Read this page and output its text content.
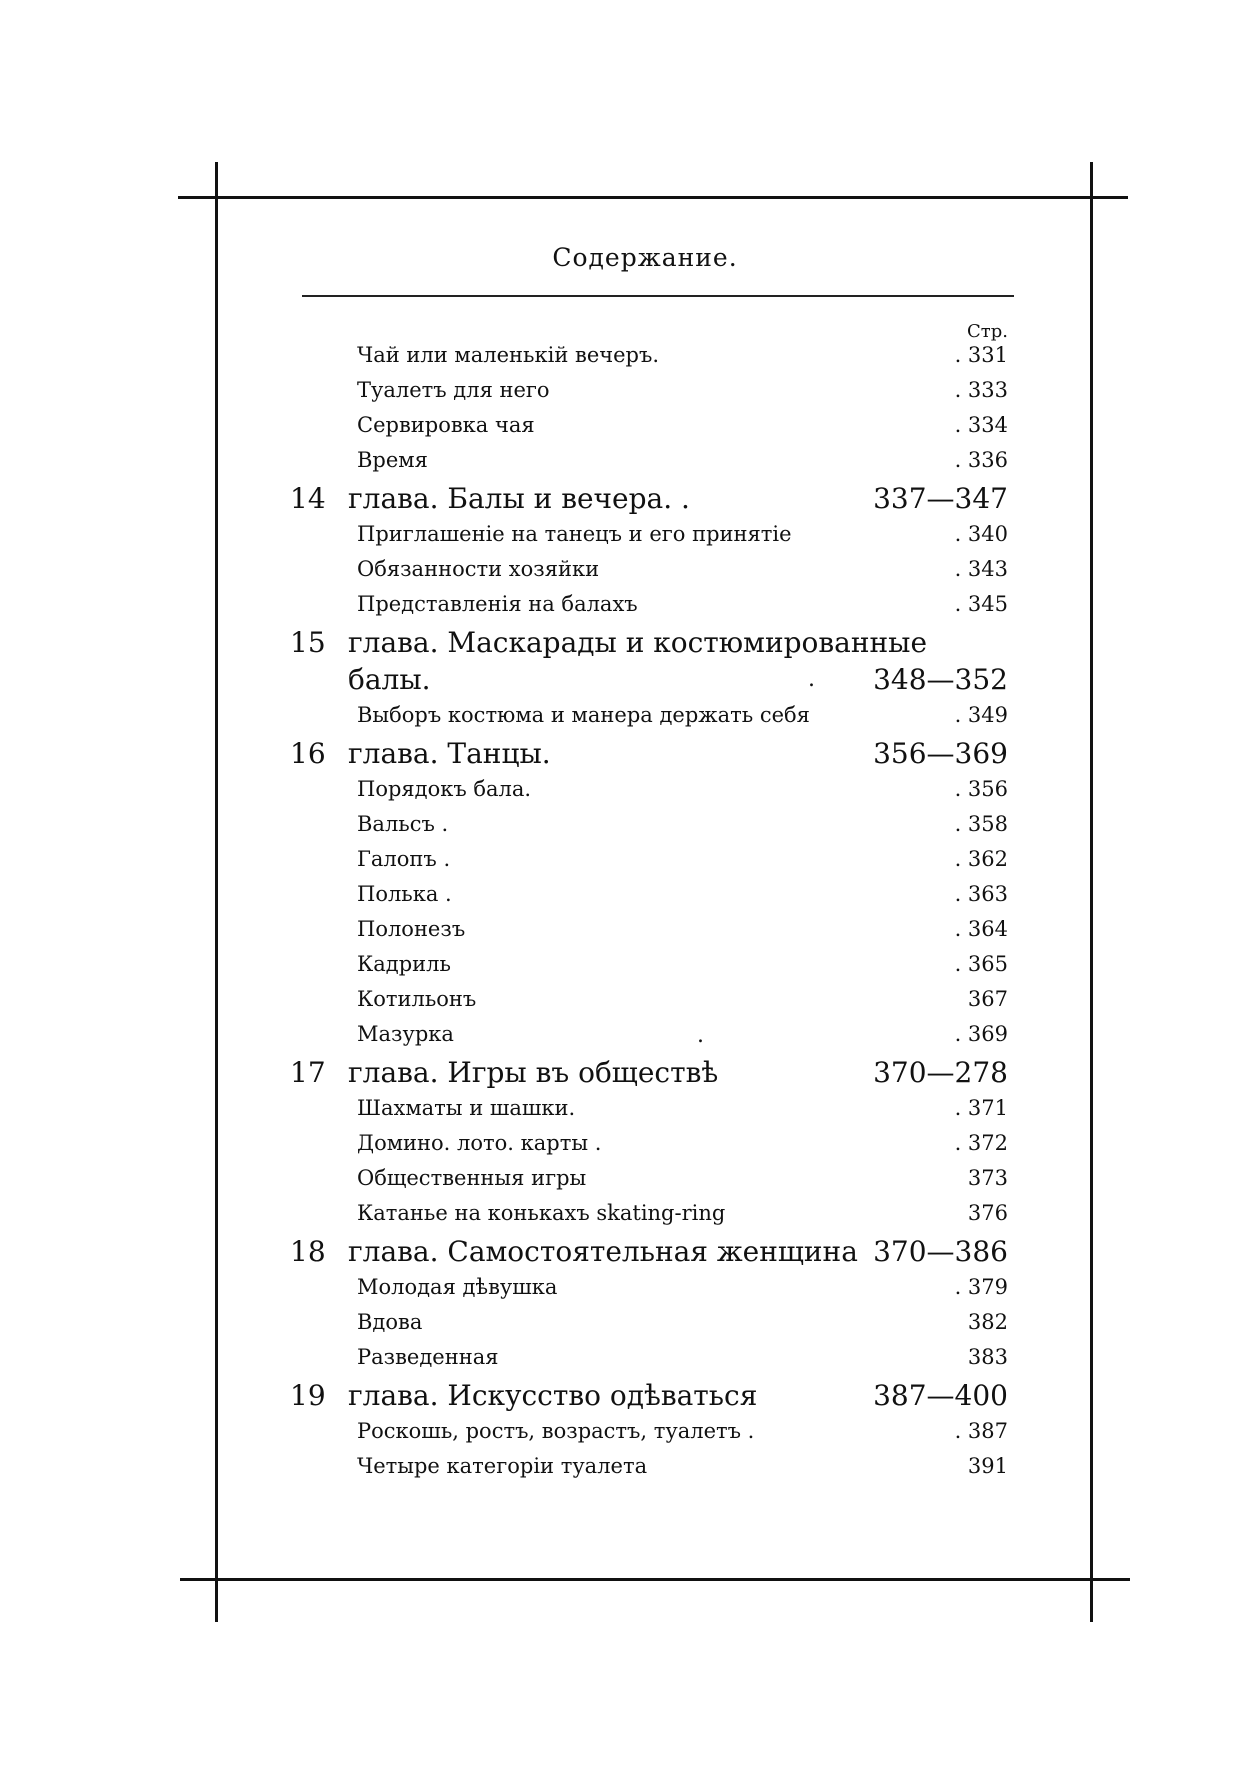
Содержание.
Стр.
Чай или маленькій вечеръ.	. 331
Туалетъ для него	. 333
Сервировка чая	. 334
Время	. 336
14 глава. Балы и вечера. .	337—347
Приглашеніе на танецъ и его принятіе	. 340
Обязанности хозяйки	. 343
Представленія на балахъ	. 345
15 глава. Маскарады и костюмированные
балы.	348—352
Выборъ костюма и манера держать себя	. 349
16 глава. Танцы.	356—369
Порядокъ бала.	. 356
Вальсъ .	. 358
Галопъ .	. 362
Полька .	. 363
Полонезъ	. 364
Кадриль	. 365
Котильонъ	367
Мазурка	. 369
17 глава. Игры въ обществѣ	370—278
Шахматы и шашки.	. 371
Домино. лото. карты .	. 372
Общественныя игры	373
Катанье на конькахъ skating-ring	376
18 глава. Самостоятельная женщина 370—386
Молодая дѣвушка	. 379
Вдова	382
Разведенная	383
19 глава. Искусство одѣваться	387—400
Роскошь, ростъ, возрастъ, туалетъ .	. 387
Четыре категоріи туалета	391
.
.
